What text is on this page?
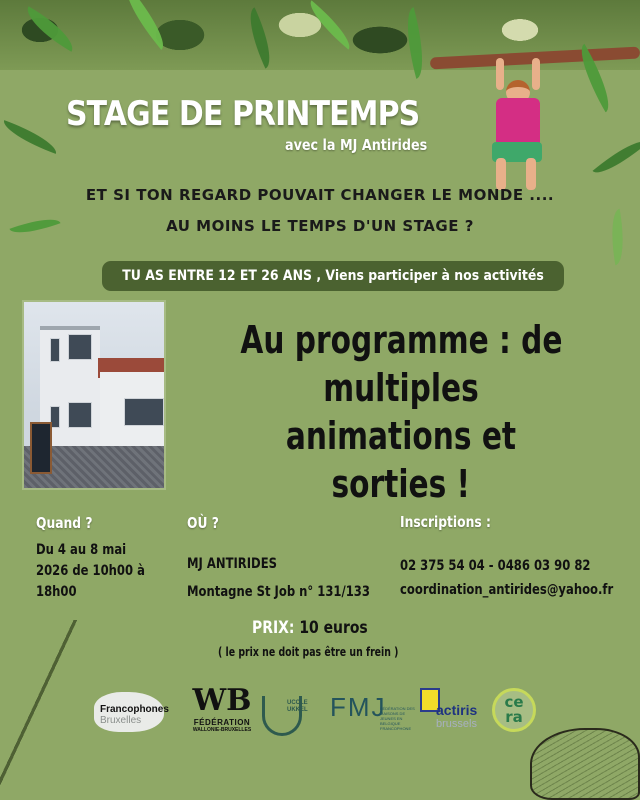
STAGE DE PRINTEMPS
avec la MJ Antirides
ET SI TON REGARD POUVAIT CHANGER LE MONDE ....
AU MOINS LE TEMPS D'UN STAGE ?
TU AS ENTRE 12 ET 26 ANS , Viens participer à nos activités
Au programme : de
multiples animations et
sorties !
Quand ?
Du 4 au 8 mai
2026 de 10h00 à
18h00
OÙ ?
MJ ANTIRIDES
Montagne St Job n° 131/133
Inscriptions :
02 375 54 04 - 0486 03 90 82
coordination_antirides@yahoo.fr
PRIX: 10 euros
( le prix ne doit pas être un frein )
Francophones
Bruxelles
WB
FÉDÉRATION
WALLONIE-BRUXELLES
UCCLE
UKKEL FMJ
FÉDÉRATION DES MAISONS DE JEUNES EN BELGIQUE FRANCOPHONE
actiris
brussels
ce
ra
